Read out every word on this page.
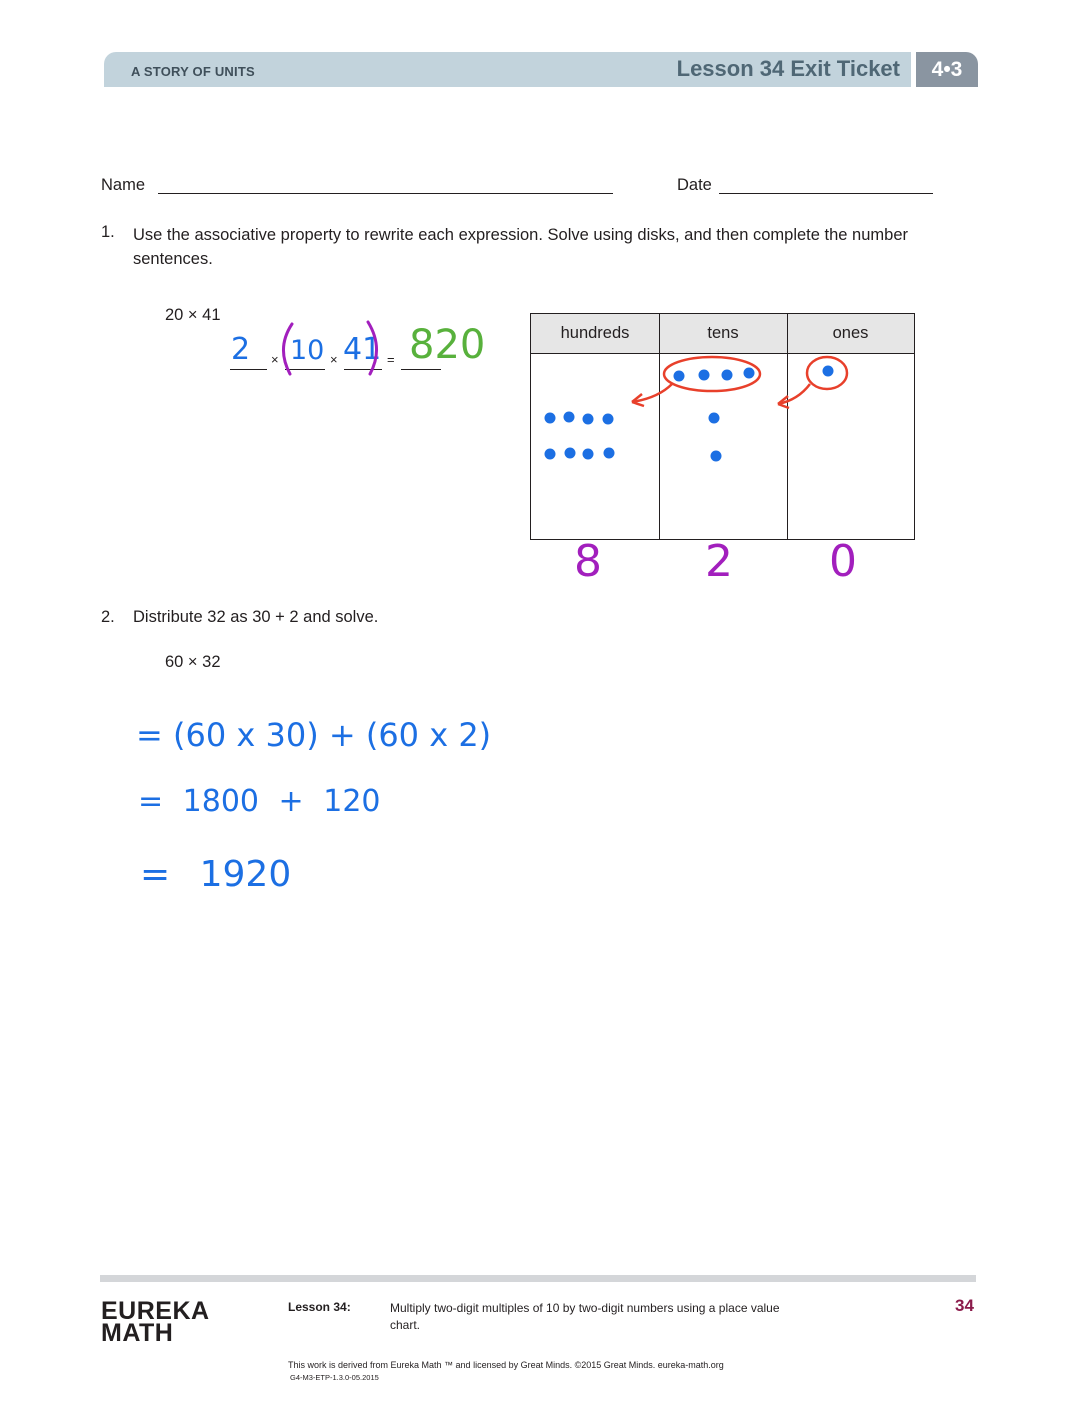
A STORY OF UNITS	Lesson 34 Exit Ticket	4•3
Name	Date
1. Use the associative property to rewrite each expression. Solve using disks, and then complete the number sentences.
20 × 41
×	×	=
2 10 41 820	hundreds	tens	ones
8 2 0
2. Distribute 32 as 30 + 2 and solve.
60 × 32
= (60 x 30) + (60 x 2)
= 1800 + 120
= 1920
EUREKA
MATH
Lesson 34:	Multiply two-digit multiples of 10 by two-digit numbers using a place value chart.
34
This work is derived from Eureka Math ™ and licensed by Great Minds. ©2015 Great Minds. eureka-math.org
G4-M3-ETP-1.3.0-05.2015
